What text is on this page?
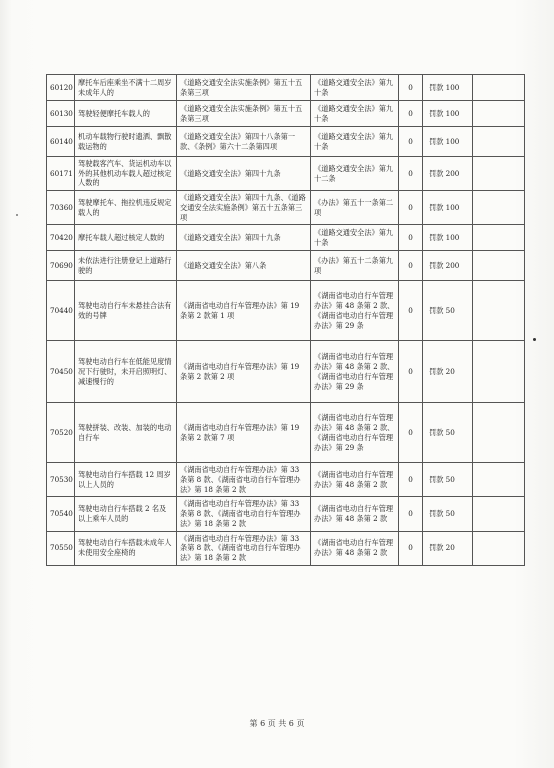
60120	摩托车后座乘坐不满十二周岁未成年人的	《道路交通安全法实施条例》第五十五条第三项	《道路交通安全法》第九十条	0	罚款 100	
60130	驾驶轻便摩托车载人的	《道路交通安全法实施条例》第五十五条第三项	《道路交通安全法》第九十条	0	罚款 100	
60140	机动车载物行驶时遗洒、飘散载运物的	《道路交通安全法》第四十八条第一款、《条例》第六十二条第四项	《道路交通安全法》第九十条	0	罚款 100	
60171	驾驶载客汽车、货运机动车以外的其他机动车载人超过核定人数的	《道路交通安全法》第四十九条	《道路交通安全法》第九十二条	0	罚款 200	
70360	驾驶摩托车、拖拉机违反规定载人的	《道路交通安全法》第四十九条、《道路交通安全法实施条例》第五十五条第三项	《办法》第五十一条第二项	0	罚款 100	
70420	摩托车载人超过核定人数的	《道路交通安全法》第四十九条	《道路交通安全法》第九十条	0	罚款 100	
70690	未依法进行注册登记上道路行驶的	《道路交通安全法》第八条	《办法》第五十二条第九项	0	罚款 200	
70440	驾驶电动自行车未悬挂合法有效的号牌	《湖南省电动自行车管理办法》第 19 条第 2 款第 1 项	《湖南省电动自行车管理办法》第 48 条第 2 款、《湖南省电动自行车管理办法》第 29 条	0	罚款 50	
70450	驾驶电动自行车在低能见度情况下行驶时，未开启照明灯、减速慢行的	《湖南省电动自行车管理办法》第 19 条第 2 款第 2 项	《湖南省电动自行车管理办法》第 48 条第 2 款、《湖南省电动自行车管理办法》第 29 条	0	罚款 20	
70520	驾驶拼装、改装、加装的电动自行车	《湖南省电动自行车管理办法》第 19 条第 2 款第 7 项	《湖南省电动自行车管理办法》第 48 条第 2 款、《湖南省电动自行车管理办法》第 29 条	0	罚款 50	
70530	驾驶电动自行车搭载 12 周岁以上人员的	《湖南省电动自行车管理办法》第 33 条第 8 款、《湖南省电动自行车管理办法》第 18 条第 2 款	《湖南省电动自行车管理办法》第 48 条第 2 款	0	罚款 50	
70540	驾驶电动自行车搭载 2 名及以上乘车人员的	《湖南省电动自行车管理办法》第 33 条第 8 款、《湖南省电动自行车管理办法》第 18 条第 2 款	《湖南省电动自行车管理办法》第 48 条第 2 款	0	罚款 50	
70550	驾驶电动自行车搭载未成年人未使用安全座椅的	《湖南省电动自行车管理办法》第 33 条第 8 款、《湖南省电动自行车管理办法》第 18 条第 2 款	《湖南省电动自行车管理办法》第 48 条第 2 款	0	罚款 20	
第 6 页 共 6 页
